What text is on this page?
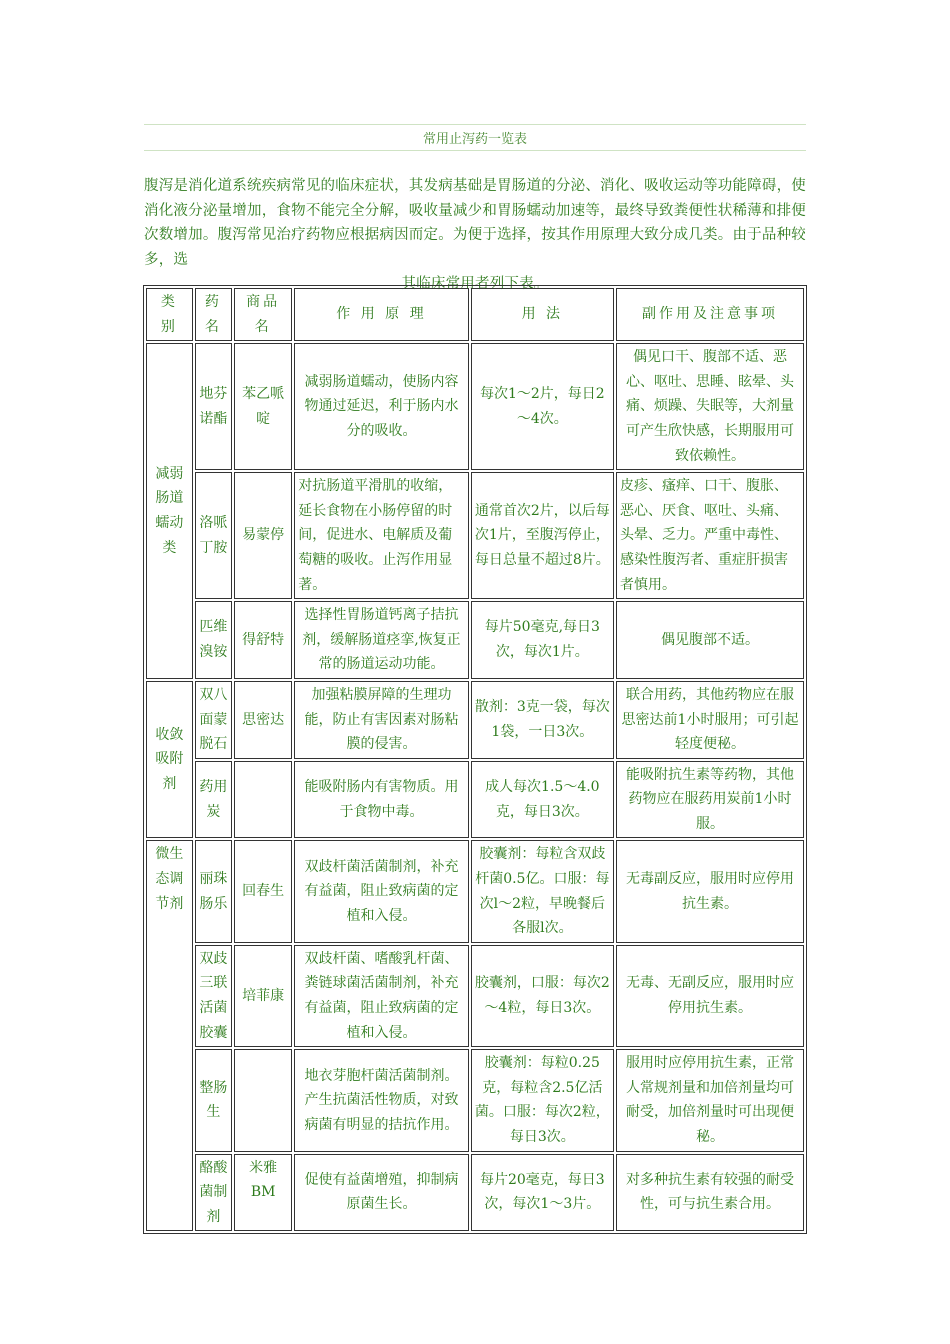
常用止泻药一览表
腹泻是消化道系统疾病常见的临床症状，其发病基础是胃肠道的分泌、消化、吸收运动等功能障碍，使消化液分泌量增加，食物不能完全分解，吸收量减少和胃肠蠕动加速等，最终导致粪便性状稀薄和排便次数增加。腹泻常见治疗药物应根据病因而定。为便于选择，按其作用原理大致分成几类。由于品种较多，选
其临床常用者列下表。
类 别	药 名	商品名	作 用 原 理	用 法	副作用及注意事项
减弱肠道蠕动类	地芬诺酯	苯乙哌啶	减弱肠道蠕动，使肠内容物通过延迟，利于肠内水分的吸收。	每次1～2片，每日2～4次。	偶见口干、腹部不适、恶心、呕吐、思睡、眩晕、头痛、烦躁、失眠等，大剂量可产生欣快感，长期服用可致依赖性。
	洛哌丁胺	易蒙停	对抗肠道平滑肌的收缩，延长食物在小肠停留的时间，促进水、电解质及葡萄糖的吸收。止泻作用显著。	通常首次2片，以后每次1片，至腹泻停止，每日总量不超过8片。	皮疹、瘙痒、口干、腹胀、恶心、厌食、呕吐、头痛、头晕、乏力。严重中毒性、感染性腹泻者、重症肝损害者慎用。
	匹维溴铵	得舒特	选择性胃肠道钙离子拮抗剂，缓解肠道痉挛,恢复正常的肠道运动功能。	每片50毫克,每日3次，每次1片。	偶见腹部不适。
收敛吸附剂	双八面蒙脱石	思密达	加强粘膜屏障的生理功能，防止有害因素对肠粘膜的侵害。	散剂：3克一袋，每次1袋，一日3次。	联合用药，其他药物应在服思密达前1小时服用；可引起轻度便秘。
	药用炭		能吸附肠内有害物质。用于食物中毒。	成人每次1.5～4.0克，每日3次。	能吸附抗生素等药物，其他药物应在服药用炭前1小时服。
微生态调节剂	丽珠肠乐	回春生	双歧杆菌活菌制剂，补充有益菌，阻止致病菌的定植和入侵。	胶囊剂：每粒含双歧杆菌0.5亿。口服：每次l～2粒，早晚餐后各服l次。	无毒副反应，服用时应停用抗生素。
	双歧三联活菌胶囊	培菲康	双歧杆菌、嗜酸乳杆菌、粪链球菌活菌制剂，补充有益菌，阻止致病菌的定植和入侵。	胶囊剂，口服：每次2～4粒，每日3次。	无毒、无副反应，服用时应停用抗生素。
	整肠生		地衣芽胞杆菌活菌制剂。产生抗菌活性物质，对致病菌有明显的拮抗作用。	胶囊剂：每粒0.25克，每粒含2.5亿活菌。口服：每次2粒，每日3次。	服用时应停用抗生素，正常人常规剂量和加倍剂量均可耐受，加倍剂量时可出现便秘。
	酪酸菌制剂	米雅BM	促使有益菌增殖，抑制病原菌生长。	每片20毫克，每日3次，每次1～3片。	对多种抗生素有较强的耐受性，可与抗生素合用。
